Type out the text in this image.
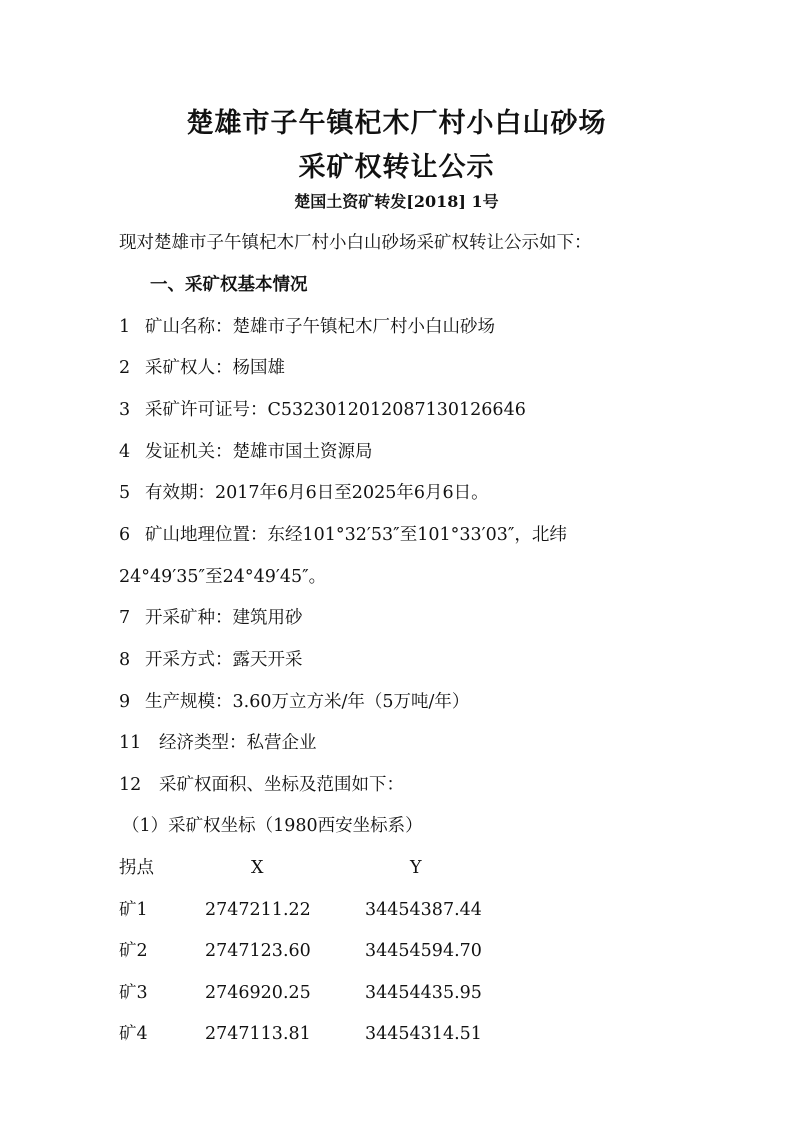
楚雄市子午镇杞木厂村小白山砂场
采矿权转让公示
楚国土资矿转发[2018] 1号
现对楚雄市子午镇杞木厂村小白山砂场采矿权转让公示如下：
一、采矿权基本情况
1 矿山名称：楚雄市子午镇杞木厂村小白山砂场
2 采矿权人：杨国雄
3 采矿许可证号：C5323012012087130126646
4 发证机关：楚雄市国土资源局
5 有效期：2017年6月6日至2025年6月6日。
6 矿山地理位置：东经101°32′53″至101°33′03″，北纬
24°49′35″至24°49′45″。
7 开采矿种：建筑用砂
8 开采方式：露天开采
9 生产规模：3.60万立方米/年（5万吨/年）
11 经济类型：私营企业
12 采矿权面积、坐标及范围如下：
（1）采矿权坐标（1980西安坐标系）
拐点	X	Y
矿1	2747211.22	34454387.44
矿2	2747123.60	34454594.70
矿3	2746920.25	34454435.95
矿4	2747113.81	34454314.51
